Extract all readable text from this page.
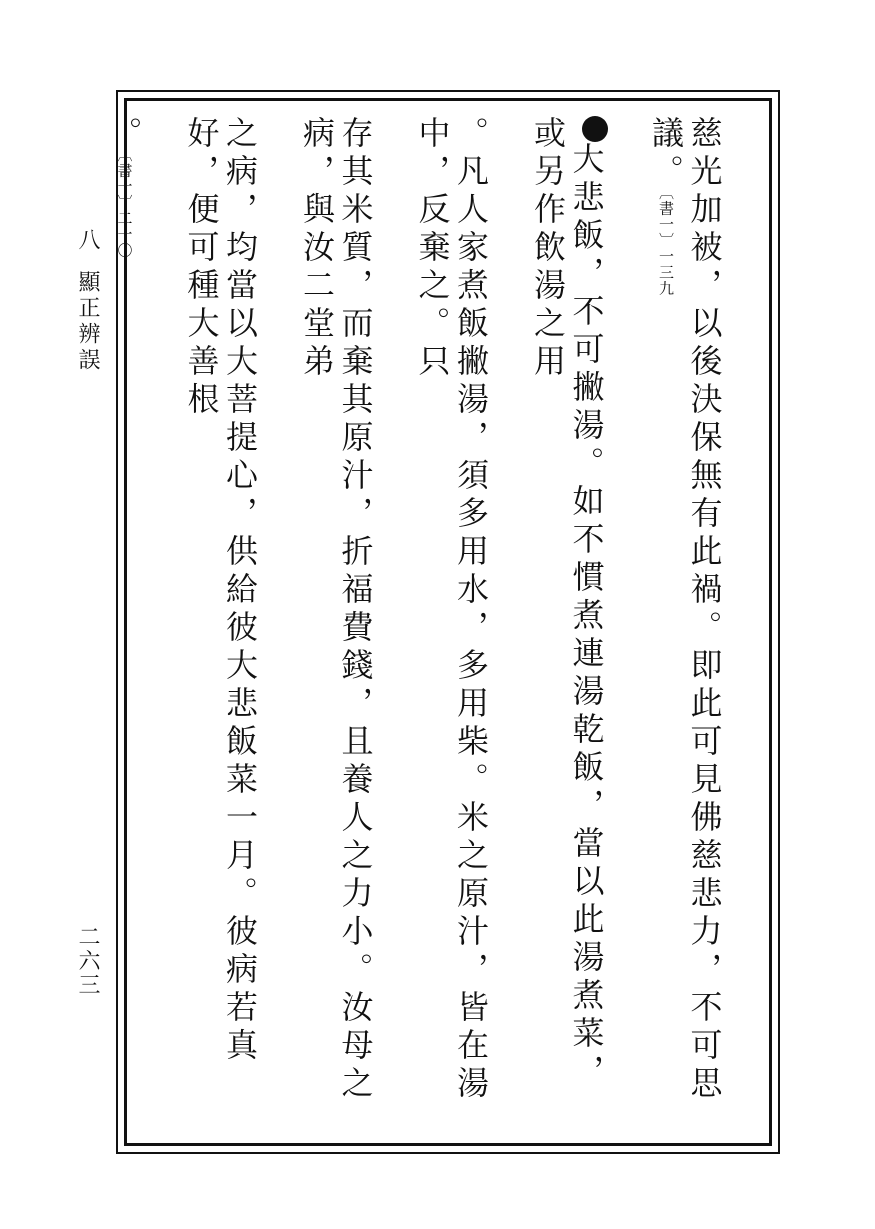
八
顯正辨誤
二六三	慈光加被，以後決保無有此禍。即此可見佛慈悲力，不可思議。〔書一〕一三九

大悲飯，不可撇湯。如不慣煮連湯乾飯，當以此湯煮菜，或另作飲湯之用

。凡人家煮飯撇湯，須多用水，多用柴。米之原汁，皆在湯中，反棄之。只

存其米質，而棄其原汁，折福費錢，且養人之力小。汝母之病，與汝二堂弟

之病，均當以大菩提心，供給彼大悲飯菜一月。彼病若真好，便可種大善根

。〔書一〕二一〇
